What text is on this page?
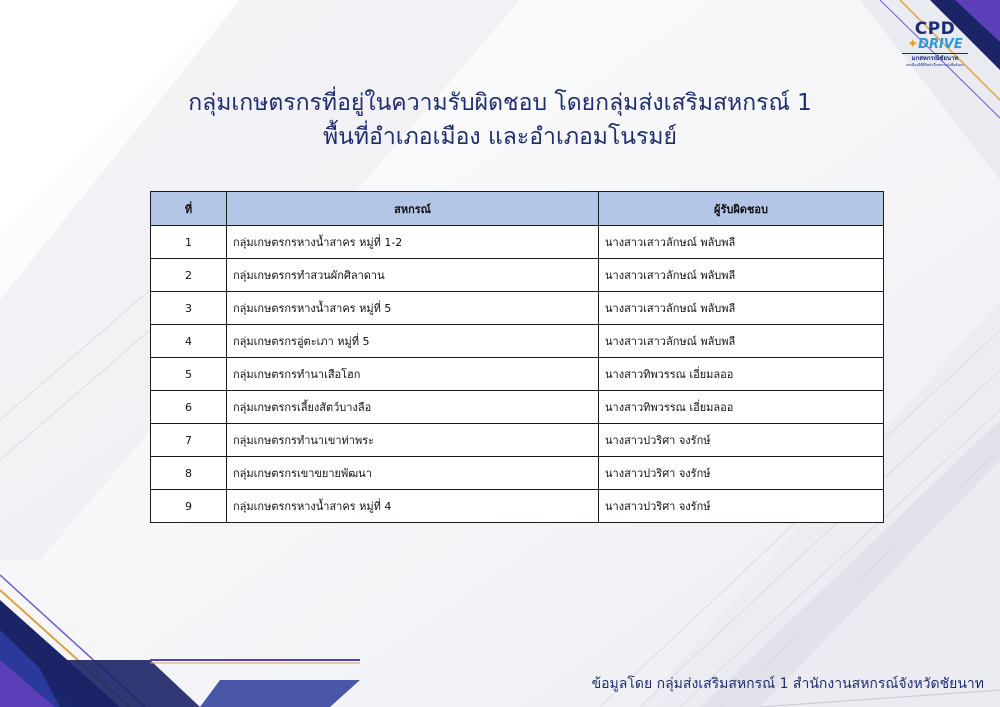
CPD
✦DRIVE
มกสหกรณ์ชัยนาท
พลเมืองดีที่มีจิตสำนึกสหกรณ์เพื่อสังคม
กลุ่มเกษตรกรที่อยู่ในความรับผิดชอบ โดยกลุ่มส่งเสริมสหกรณ์ 1
พื้นที่อำเภอเมือง และอำเภอมโนรมย์
ที่	สหกรณ์	ผู้รับผิดชอบ
1	กลุ่มเกษตรกรหางน้ำสาคร หมู่ที่ 1-2	นางสาวเสาวลักษณ์ พลับพลี
2	กลุ่มเกษตรกรทำสวนผักศิลาดาน	นางสาวเสาวลักษณ์ พลับพลี
3	กลุ่มเกษตรกรหางน้ำสาคร หมู่ที่ 5	นางสาวเสาวลักษณ์ พลับพลี
4	กลุ่มเกษตรกรอู่ตะเภา หมู่ที่ 5	นางสาวเสาวลักษณ์ พลับพลี
5	กลุ่มเกษตรกรทำนาเสือโฮก	นางสาวทิพวรรณ เอี่ยมลออ
6	กลุ่มเกษตรกรเลี้ยงสัตว์บางลือ	นางสาวทิพวรรณ เอี่ยมลออ
7	กลุ่มเกษตรกรทำนาเขาท่าพระ	นางสาวปวริศา จงรักษ์
8	กลุ่มเกษตรกรเขาขยายพัฒนา	นางสาวปวริศา จงรักษ์
9	กลุ่มเกษตรกรหางน้ำสาคร หมู่ที่ 4	นางสาวปวริศา จงรักษ์
ข้อมูลโดย กลุ่มส่งเสริมสหกรณ์ 1 สำนักงานสหกรณ์จังหวัดชัยนาท
